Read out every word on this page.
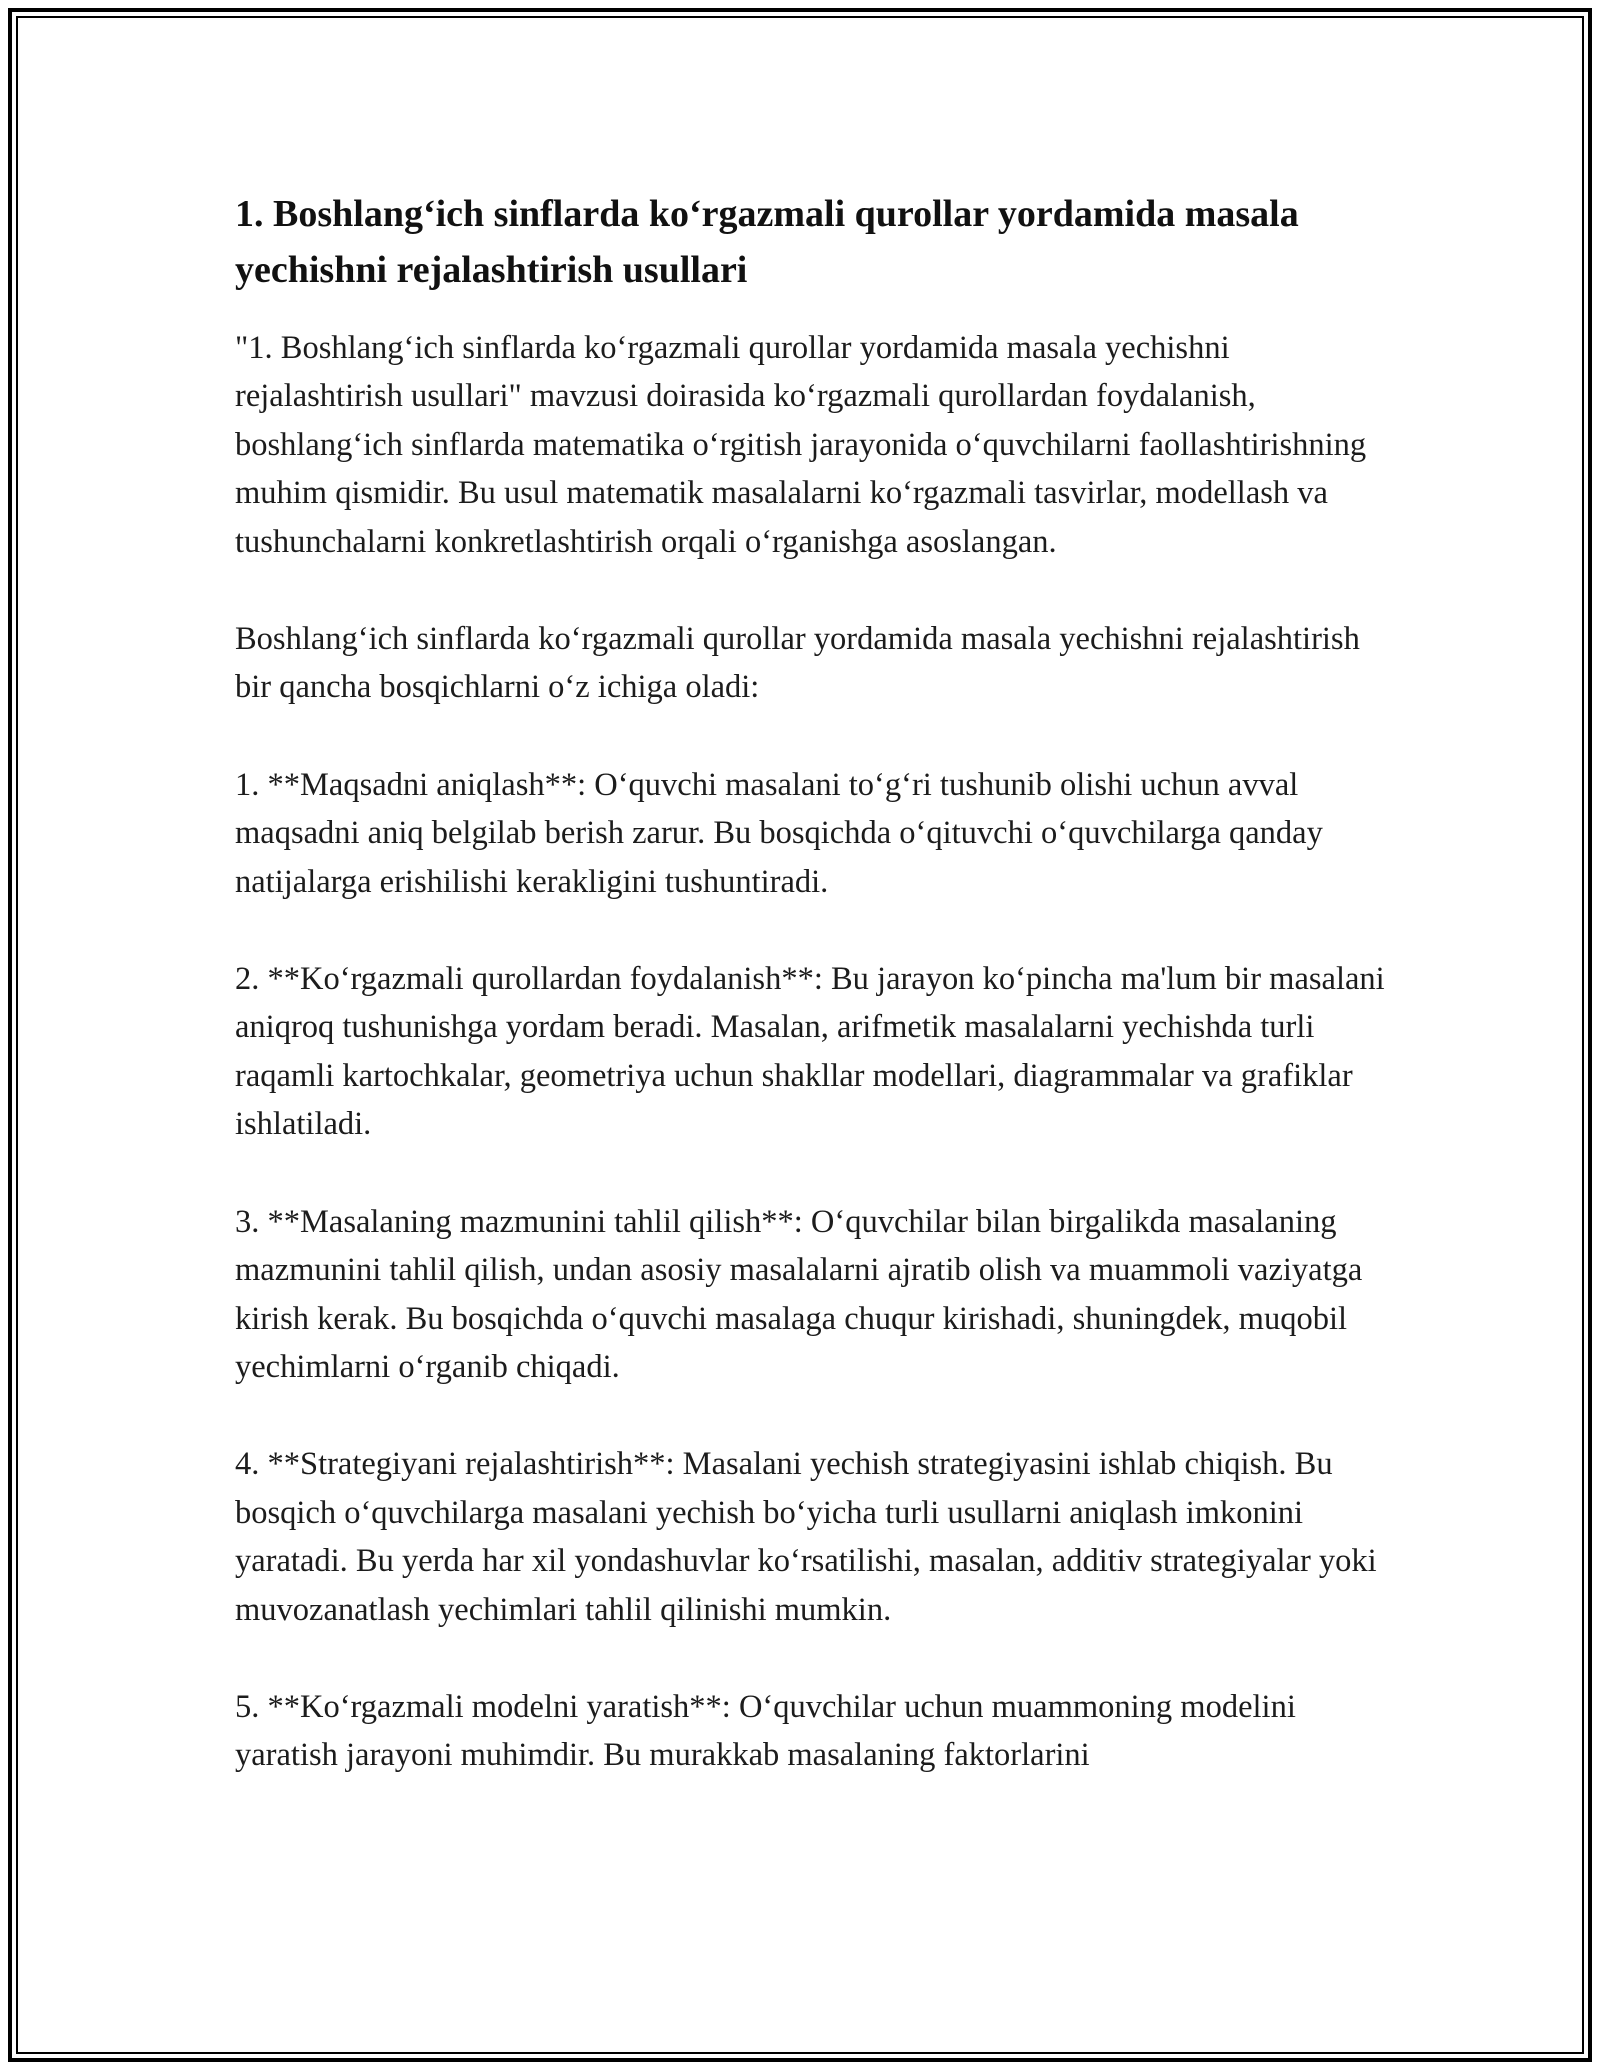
1. Boshlang‘ich sinflarda ko‘rgazmali qurollar yordamida masala yechishni rejalashtirish usullari

"1. Boshlang‘ich sinflarda ko‘rgazmali qurollar yordamida masala yechishni rejalashtirish usullari" mavzusi doirasida ko‘rgazmali qurollardan foydalanish, boshlang‘ich sinflarda matematika o‘rgitish jarayonida o‘quvchilarni faollashtirishning muhim qismidir. Bu usul matematik masalalarni ko‘rgazmali tasvirlar, modellash va tushunchalarni konkretlashtirish orqali o‘rganishga asoslangan.

Boshlang‘ich sinflarda ko‘rgazmali qurollar yordamida masala yechishni rejalashtirish bir qancha bosqichlarni o‘z ichiga oladi:

1. **Maqsadni aniqlash**: O‘quvchi masalani to‘g‘ri tushunib olishi uchun avval maqsadni aniq belgilab berish zarur. Bu bosqichda o‘qituvchi o‘quvchilarga qanday natijalarga erishilishi kerakligini tushuntiradi.

2. **Ko‘rgazmali qurollardan foydalanish**: Bu jarayon ko‘pincha ma'lum bir masalani aniqroq tushunishga yordam beradi. Masalan, arifmetik masalalarni yechishda turli raqamli kartochkalar, geometriya uchun shakllar modellari, diagrammalar va grafiklar ishlatiladi.

3. **Masalaning mazmunini tahlil qilish**: O‘quvchilar bilan birgalikda masalaning mazmunini tahlil qilish, undan asosiy masalalarni ajratib olish va muammoli vaziyatga kirish kerak. Bu bosqichda o‘quvchi masalaga chuqur kirishadi, shuningdek, muqobil yechimlarni o‘rganib chiqadi.

4. **Strategiyani rejalashtirish**: Masalani yechish strategiyasini ishlab chiqish. Bu bosqich o‘quvchilarga masalani yechish bo‘yicha turli usullarni aniqlash imkonini yaratadi. Bu yerda har xil yondashuvlar ko‘rsatilishi, masalan, additiv strategiyalar yoki muvozanatlash yechimlari tahlil qilinishi mumkin.

5. **Ko‘rgazmali modelni yaratish**: O‘quvchilar uchun muammoning modelini yaratish jarayoni muhimdir. Bu murakkab masalaning faktorlarini
